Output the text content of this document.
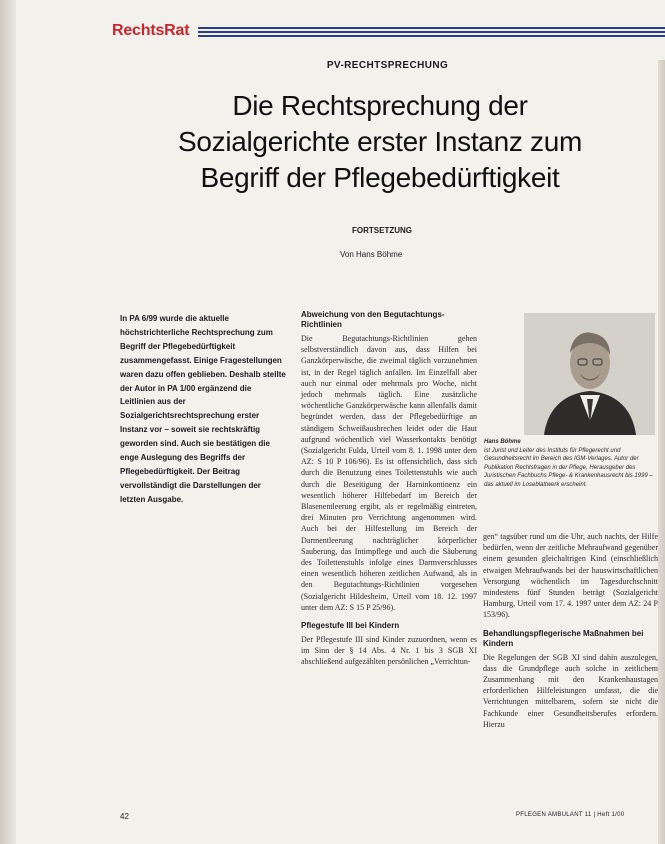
RechtsRat
PV-RECHTSPRECHUNG
Die Rechtsprechung der
Sozialgerichte erster Instanz zum
Begriff der Pflegebedürftigkeit
FORTSETZUNG
Von Hans Böhme
In PA 6/99 wurde die aktuelle höchstrichterliche Rechtsprechung zum Begriff der Pflegebedürftigkeit zusammengefasst. Einige Fragestellungen waren dazu offen geblieben. Deshalb stellte der Autor in PA 1/00 ergänzend die Leitlinien aus der Sozialgerichtsrechtsprechung erster Instanz vor – soweit sie rechtskräftig geworden sind. Auch sie bestätigen die enge Auslegung des Begriffs der Pflegebedürftigkeit. Der Beitrag vervollständigt die Darstellungen der letzten Ausgabe.

Abweichung von den Begutachtungs-Richtlinien

Die Begutachtungs-Richtlinien gehen selbstverständlich davon aus, dass Hilfen bei Ganzkörperwäsche, die zweimal täglich vorzunehmen ist, in der Regel täglich anfallen. Im Einzelfall aber auch nur einmal oder mehrmals pro Woche, nicht jedoch mehrmals täglich. Eine zusätzliche wöchentliche Ganzkörperwäsche kann allenfalls damit begründet werden, dass der Pflegebedürftige an ständigem Schweißausbrechen leidet oder die Haut aufgrund wöchentlich viel Wasserkontakts benötigt (Sozialgericht Fulda, Urteil vom 8. 1. 1998 unter dem AZ: S 10 P 106/96). Es ist offensichtlich, dass sich durch die Benutzung eines Toilettenstuhls wie auch durch die Beseitigung der Harninkontinenz ein wesentlich höherer Hilfebedarf im Bereich der Blasenentleerung ergibt, als er regelmäßig eintreten, drei Minuten pro Verrichtung angenommen wird. Auch bei der Hilfestellung im Bereich der Darmentleerung nachträglicher körperlicher Sauberung, das Intimpflege und auch die Säuberung des Toilettenstuhls infolge eines Darmverschlusses einen wesentlich höheren zeitlichen Aufwand, als in den Begutachtungs-Richtlinien vorgesehen (Sozialgericht Hildesheim, Urteil vom 18. 12. 1997 unter dem AZ: S 15 P 25/96).

Pflegestufe III bei Kindern

Der Pflegestufe III sind Kinder zuzuordnen, wenn es im Sinn der § 14 Abs. 4 Nr. 1 bis 3 SGB XI abschließend aufgezählten persönlichen „Verrichtun-

Hans Böhme
ist Jurist und Leiter des Instituts für Pflegerecht und Gesundheitsrecht im Bereich des IGM-Verlages. Autor der Publikation Rechtsfragen in der Pflege, Herausgeber des Juristischen Fachbuchs Pflege- & Krankenhausrecht bis 1999 – das aktuell im Loseblattwerk erscheint.

gen“ tagsüber rund um die Uhr, auch nachts, der Hilfe bedürfen, wenn der zeitliche Mehraufwand gegenüber einem gesunden gleichaltrigen Kind (einschließlich etwaigen Mehraufwands bei der hauswirtschaftlichen Versorgung wöchentlich im Tagesdurchschnitt mindestens fünf Stunden beträgt (Sozialgericht Hamburg, Urteil vom 17. 4. 1997 unter dem AZ: 24 P 153/96).

Behandlungspflegerische Maßnahmen bei Kindern

Die Regelungen der SGB XI sind dahin auszulegen, dass die Grundpflege auch solche in zeitlichem Zusammenhang mit den Krankenhaustagen erforderlichen Hilfeleistungen umfasst, die die Verrichtungen mittelbarem, sofern sie nicht die Fachkunde einer Gesundheitsberufes erfordern. Hierzu

42	PFLEGEN AMBULANT 11 | Heft 1/00
